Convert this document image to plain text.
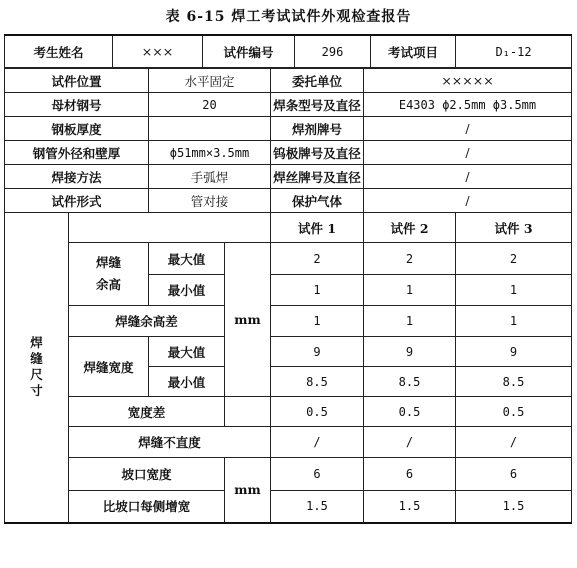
表 6-15 焊工考试试件外观检查报告
考生姓名	×××	试件编号	296	考试项目	D₁-12
试件位置		水平固定		委托单位	×××××	
母材钢号		20		焊条型号及直径	E4303 ϕ2.5mm ϕ3.5mm	
钢板厚度				焊剂牌号	/	
钢管外径和壁厚		ϕ51mm×3.5mm		钨极牌号及直径	/	
焊接方法		手弧焊		焊丝牌号及直径	/	
试件形式		管对接		保护气体	/	

焊缝尺寸				试件 1	试件 2	试件 3
	焊缝余高	最大值	mm	2	2	2
		最小值		1	1	1
	焊缝余高差			1	1	1
	焊缝宽度	最大值		9	9	9
		最小值		8.5	8.5	8.5
	宽度差			0.5	0.5	0.5
	焊缝不直度			/	/	/
	坡口宽度		mm	6	6	6
	比坡口每侧增宽			1.5	1.5	1.5
